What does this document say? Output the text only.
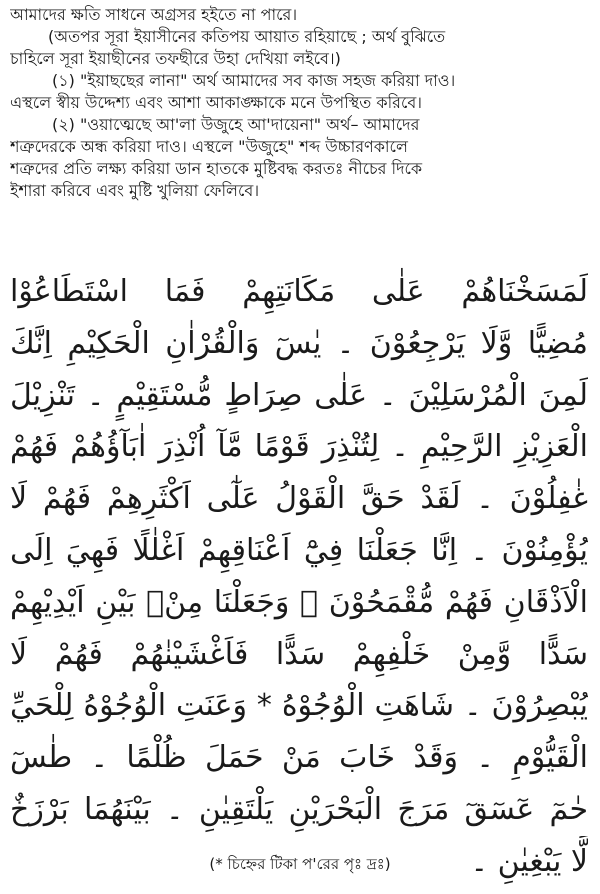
আমাদের ক্ষতি সাধনে অগ্রসর হইতে না পারে।

(অতপর সূরা ইয়াসীনের কতিপয় আয়াত রহিয়াছে ; অর্থ বুঝিতে

চাহিলে সূরা ইয়াছীনের তফছীরে উহা দেখিয়া লইবে।)

(১) "ইয়াছছের লানা" অর্থ আমাদের সব কাজ সহজ করিয়া দাও।

এস্থলে স্বীয় উদ্দেশ্য এবং আশা আকাঙ্ক্ষাকে মনে উপস্থিত করিবে।

(২) "ওয়াত্মেছে আ'লা উজুহে আ'দায়েনা" অর্থ– আমাদের

শত্রুদেরকে অন্ধ করিয়া দাও। এস্থলে "উজুহে" শব্দ উচ্চারণকালে

শত্রুদের প্রতি লক্ষ্য করিয়া ডান হাতকে মুষ্টিবদ্ধ করতঃ নীচের দিকে

ইশারা করিবে এবং মুষ্টি খুলিয়া ফেলিবে।

لَمَسَخْنَاهُمْ عَلٰى مَكَانَتِهِمْ فَمَا اسْتَطَاعُوْا

مُضِيًّا وَّلَا يَرْجِعُوْنَ ۔ يٰسٓ وَالْقُرْاٰنِ الْحَكِيْمِ اِنَّكَ

لَمِنَ الْمُرْسَلِيْنَ ۔ عَلٰى صِرَاطٍ مُّسْتَقِيْمٍ ۔ تَنْزِيْلَ

الْعَزِيْزِ الرَّحِيْمِ ۔ لِتُنْذِرَ قَوْمًا مَّآ اُنْذِرَ اٰبَآؤُهُمْ فَهُمْ

غٰفِلُوْنَ ۔ لَقَدْ حَقَّ الْقَوْلُ عَلٰٓى اَكْثَرِهِمْ فَهُمْ لَا

يُؤْمِنُوْنَ ۔ اِنَّا جَعَلْنَا فِيْٓ اَعْنَاقِهِمْ اَغْلٰلًا فَهِيَ اِلَى

الْاَذْقَانِ فَهُمْ مُّقْمَحُوْنَ ۔ وَجَعَلْنَا مِنْۢ بَيْنِ اَيْدِيْهِمْ

سَدًّا وَّمِنْ خَلْفِهِمْ سَدًّا فَاَغْشَيْنٰهُمْ فَهُمْ لَا

يُبْصِرُوْنَ ۔ شَاهَتِ الْوُجُوْهُ * وَعَنَتِ الْوُجُوْهُ لِلْحَيِّ

الْقَيُّوْمِ ۔ وَقَدْ خَابَ مَنْ حَمَلَ ظُلْمًا ۔ طٰسٓ

حٰمٓ عٓسٓقٓ مَرَجَ الْبَحْرَيْنِ يَلْتَقِيٰنِ ۔ بَيْنَهُمَا بَرْزَخٌ

لَّا يَبْغِيٰنِ ۔

(* চিহ্নের টিকা প'রের পৃঃ দ্রঃ)
